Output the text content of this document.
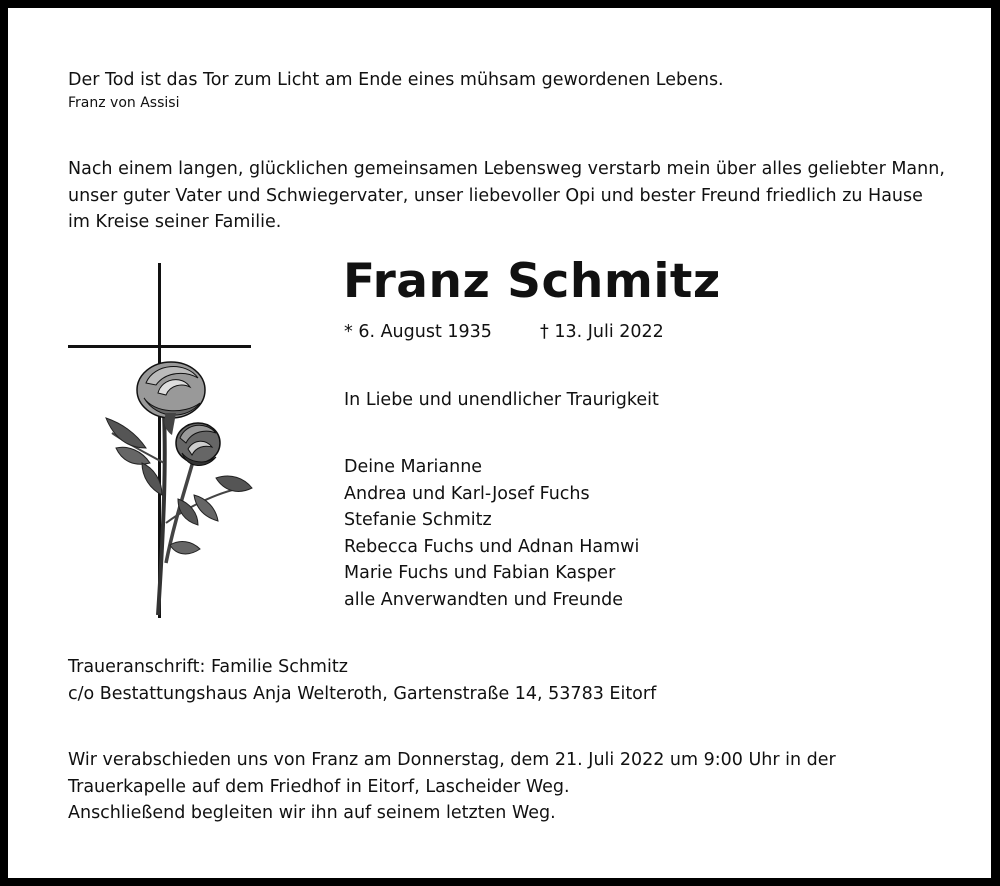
Der Tod ist das Tor zum Licht am Ende eines mühsam gewordenen Lebens.
Franz von Assisi
Nach einem langen, glücklichen gemeinsamen Lebensweg verstarb mein über alles geliebter Mann,
unser guter Vater und Schwiegervater, unser liebevoller Opi und bester Freund friedlich zu Hause
im Kreise seiner Familie.
Franz Schmitz
* 6. August 1935	† 13. Juli 2022
In Liebe und unendlicher Traurigkeit
Deine Marianne
Andrea und Karl-Josef Fuchs
Stefanie Schmitz
Rebecca Fuchs und Adnan Hamwi
Marie Fuchs und Fabian Kasper
alle Anverwandten und Freunde
Traueranschrift: Familie Schmitz
c/o Bestattungshaus Anja Welteroth, Gartenstraße 14, 53783 Eitorf
Wir verabschieden uns von Franz am Donnerstag, dem 21. Juli 2022 um 9:00 Uhr in der
Trauerkapelle auf dem Friedhof in Eitorf, Lascheider Weg.
Anschließend begleiten wir ihn auf seinem letzten Weg.
